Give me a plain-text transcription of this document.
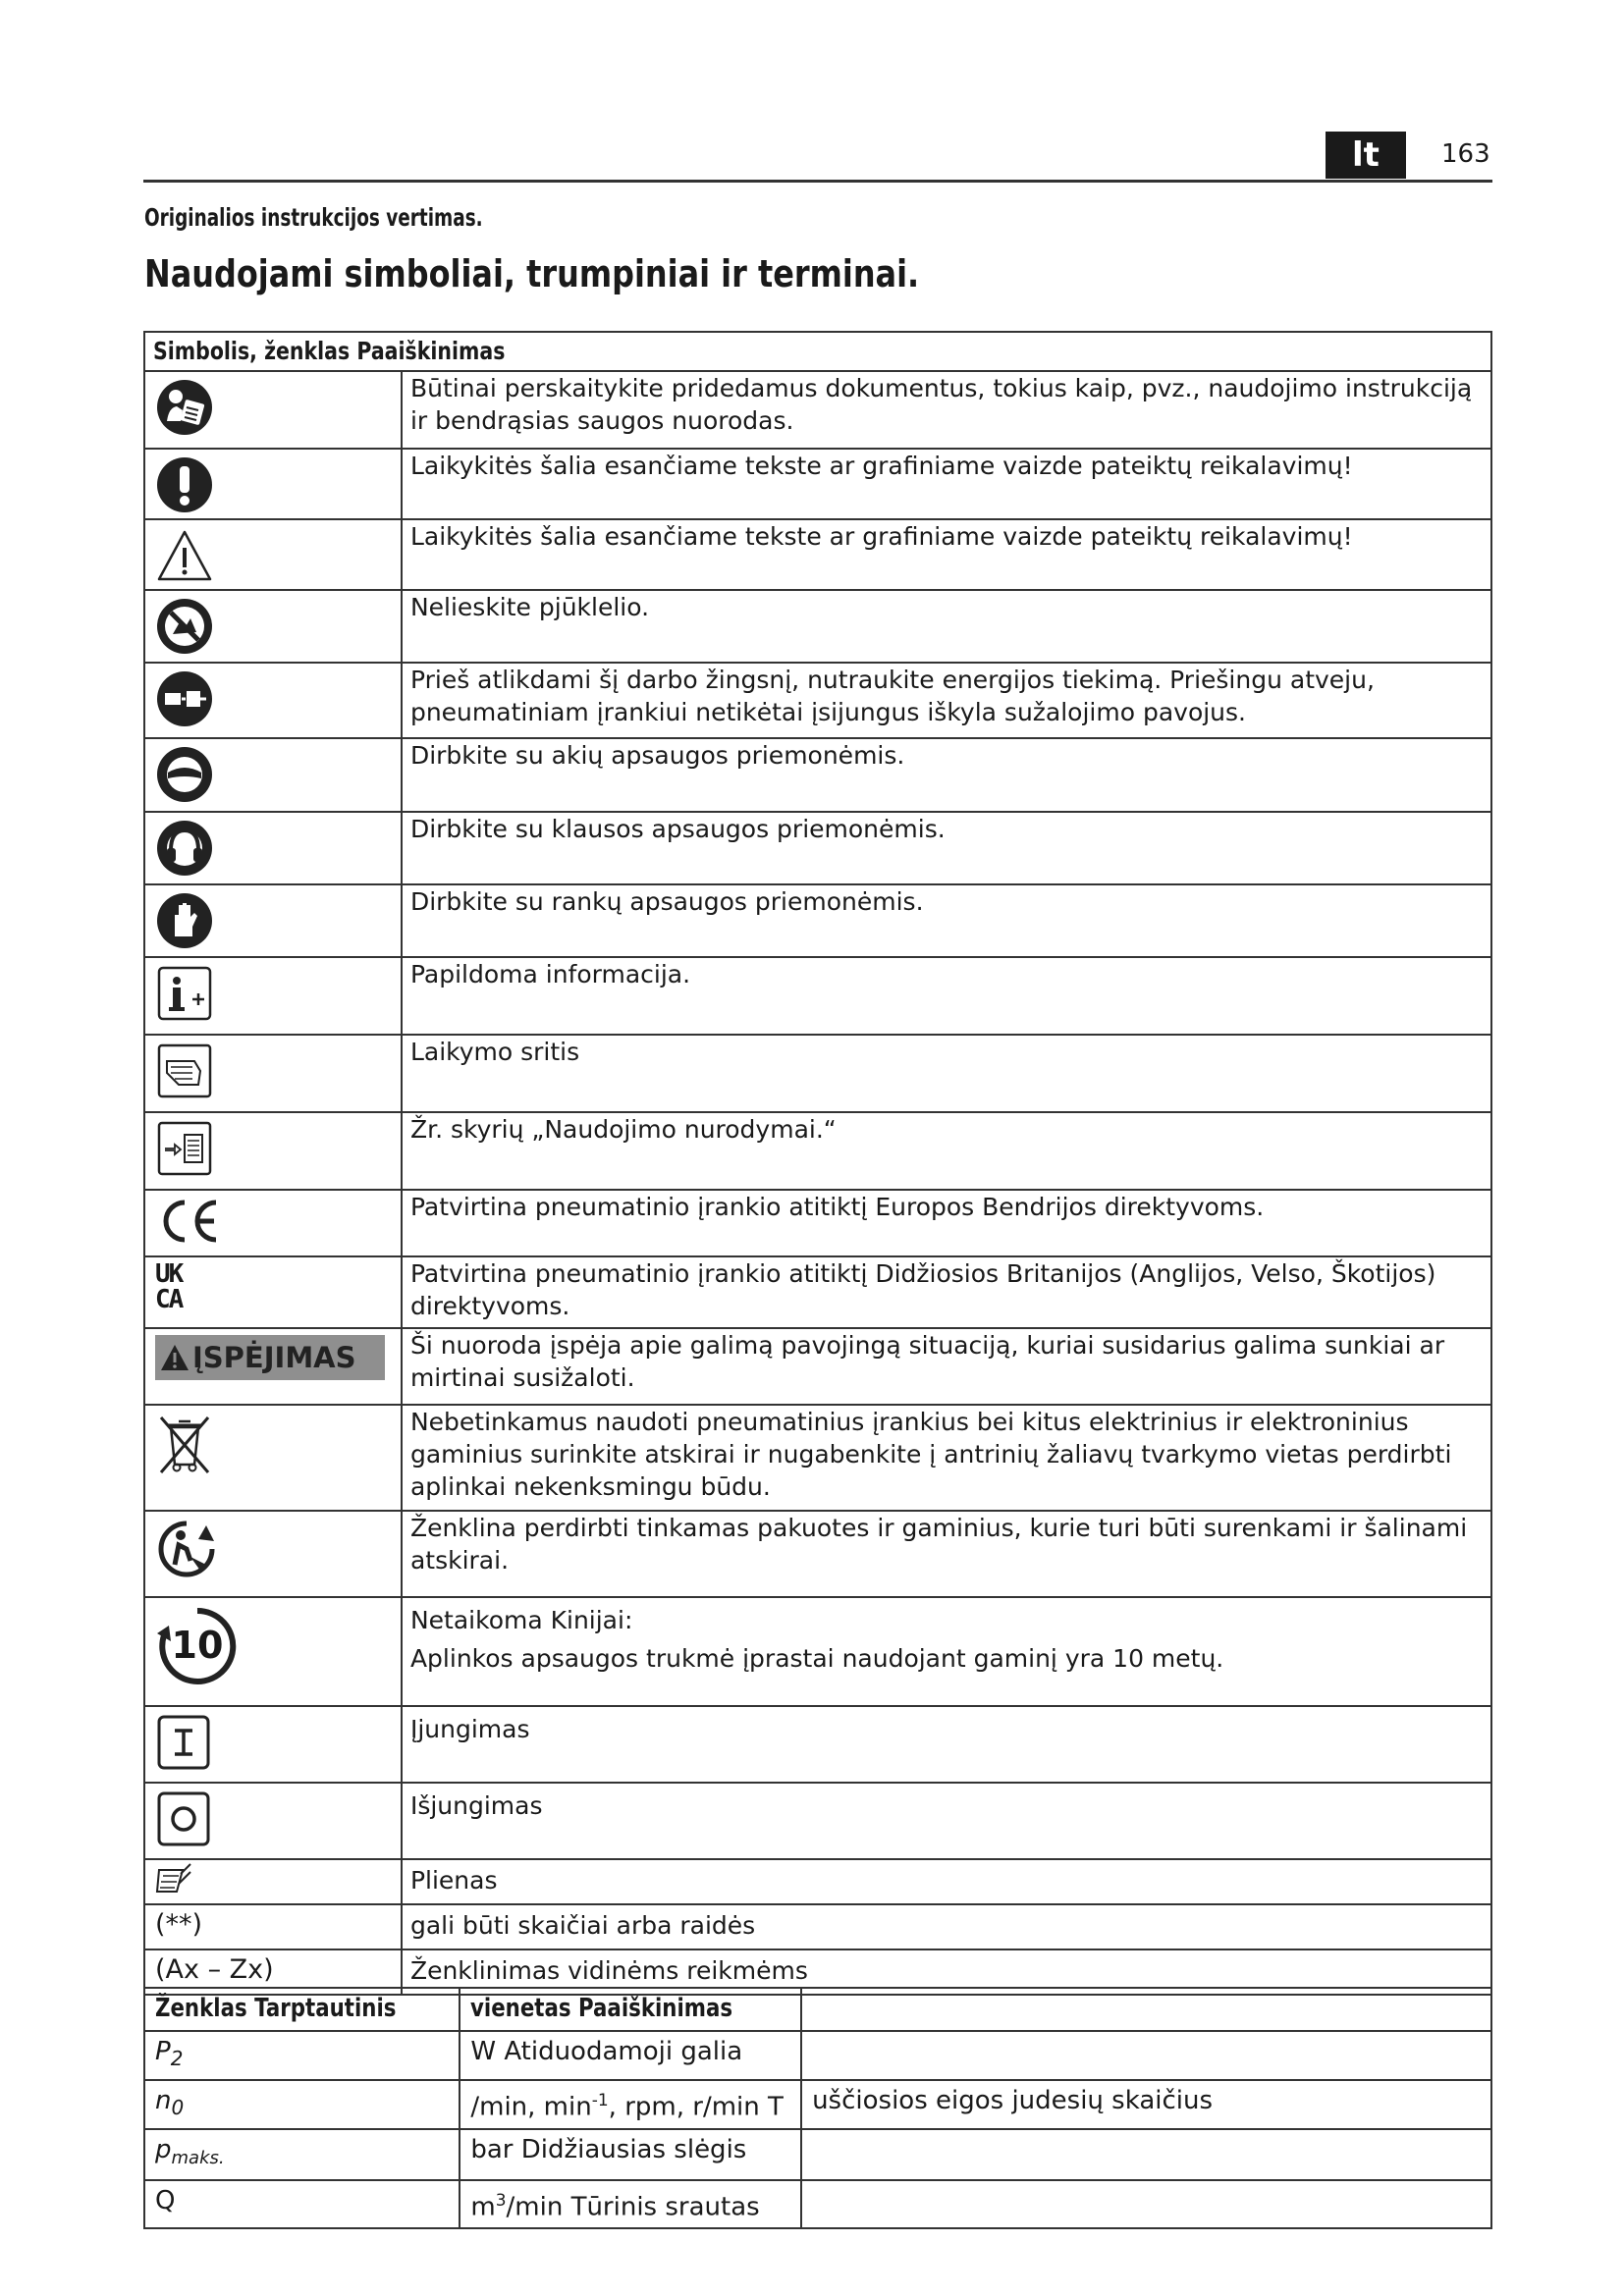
lt	163
Originalios instrukcijos vertimas.
Naudojami simboliai, trumpiniai ir terminai.
Simbolis, ženklas Paaiškinimas	

	Būtinai perskaitykite pridedamus dokumentus, tokius kaip, pvz., naudojimo instrukciją ir bendrąsias saugos nuorodas.

	Laikykitės šalia esančiame tekste ar grafiniame vaizde pateiktų reikalavimų!

	Laikykitės šalia esančiame tekste ar grafiniame vaizde pateiktų reikalavimų!

	Nelieskite pjūklelio.

	Prieš atlikdami šį darbo žingsnį, nutraukite energijos tiekimą. Priešingu atveju, pneumatiniam įrankiui netikėtai įsijungus iškyla sužalojimo pavojus.

	Dirbkite su akių apsaugos priemonėmis.

	Dirbkite su klausos apsaugos priemonėmis.

	Dirbkite su rankų apsaugos priemonėmis.

	Papildoma informacija.

	Laikymo sritis

	Žr. skyrių „Naudojimo nurodymai.“

	Patvirtina pneumatinio įrankio atitiktį Europos Bendrijos direktyvoms.

UK
CA	Patvirtina pneumatinio įrankio atitiktį Didžiosios Britanijos (Anglijos, Velso, Škotijos) direktyvoms.

ĮSPĖJIMAS	Ši nuoroda įspėja apie galimą pavojingą situaciją, kuriai susidarius galima sunkiai ar mirtinai susižaloti.

	Nebetinkamus naudoti pneumatinius įrankius bei kitus elektrinius ir elektroninius gaminius surinkite atskirai ir nugabenkite į antrinių žaliavų tvarkymo vietas perdirbti aplinkai nekenksmingu būdu.

	Ženklina perdirbti tinkamas pakuotes ir gaminius, kurie turi būti surenkami ir šalinami atskirai.

10	Netaikoma Kinijai:
Aplinkos apsaugos trukmė įprastai naudojant gaminį yra 10 metų.

	Įjungimas

	Išjungimas

	Plienas
(**)	gali būti skaičiai arba raidės
(Ax – Zx)	Ženklinimas vidinėms reikmėms
Ženklas Tarptautinis	vienetas Paaiškinimas	
$P_2$	W Atiduodamoji galia	
$n_0$	/min, $\min^{-1}$, rpm, r/min T	uščiosios eigos judesių skaičius
$p_{maks.}$	bar Didžiausias slėgis	
Q	$m^3/\min$ Tūrinis srautas	
